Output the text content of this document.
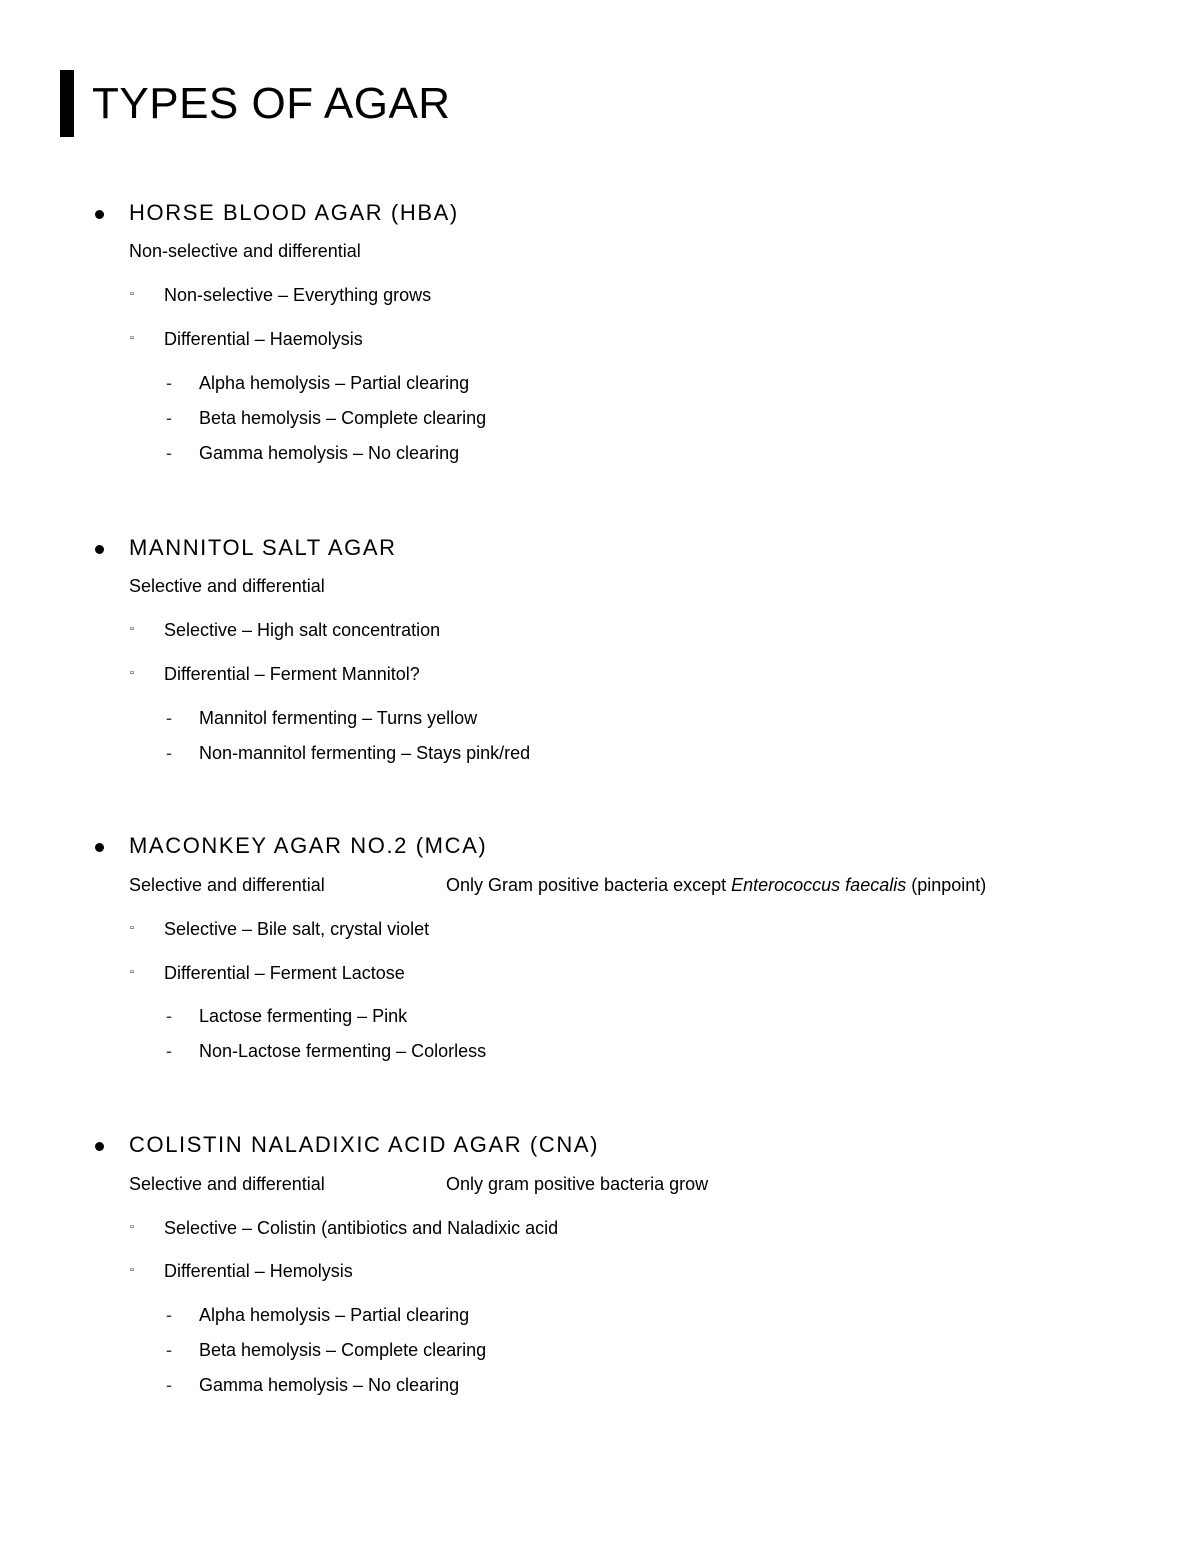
TYPES OF AGAR
HORSE BLOOD AGAR (HBA)
Non-selective and differential
▫ Non-selective – Everything grows
▫ Differential – Haemolysis
- Alpha hemolysis – Partial clearing
- Beta hemolysis – Complete clearing
- Gamma hemolysis – No clearing
MANNITOL SALT AGAR
Selective and differential
▫ Selective – High salt concentration
▫ Differential – Ferment Mannitol?
- Mannitol fermenting – Turns yellow
- Non-mannitol fermenting – Stays pink/red
MACONKEY AGAR NO.2 (MCA)
Selective and differential	Only Gram positive bacteria except Enterococcus faecalis (pinpoint)
▫ Selective – Bile salt, crystal violet
▫ Differential – Ferment Lactose
- Lactose fermenting – Pink
- Non-Lactose fermenting – Colorless
COLISTIN NALADIXIC ACID AGAR (CNA)
Selective and differential	Only gram positive bacteria grow
▫ Selective – Colistin (antibiotics and Naladixic acid
▫ Differential – Hemolysis
- Alpha hemolysis – Partial clearing
- Beta hemolysis – Complete clearing
- Gamma hemolysis – No clearing
